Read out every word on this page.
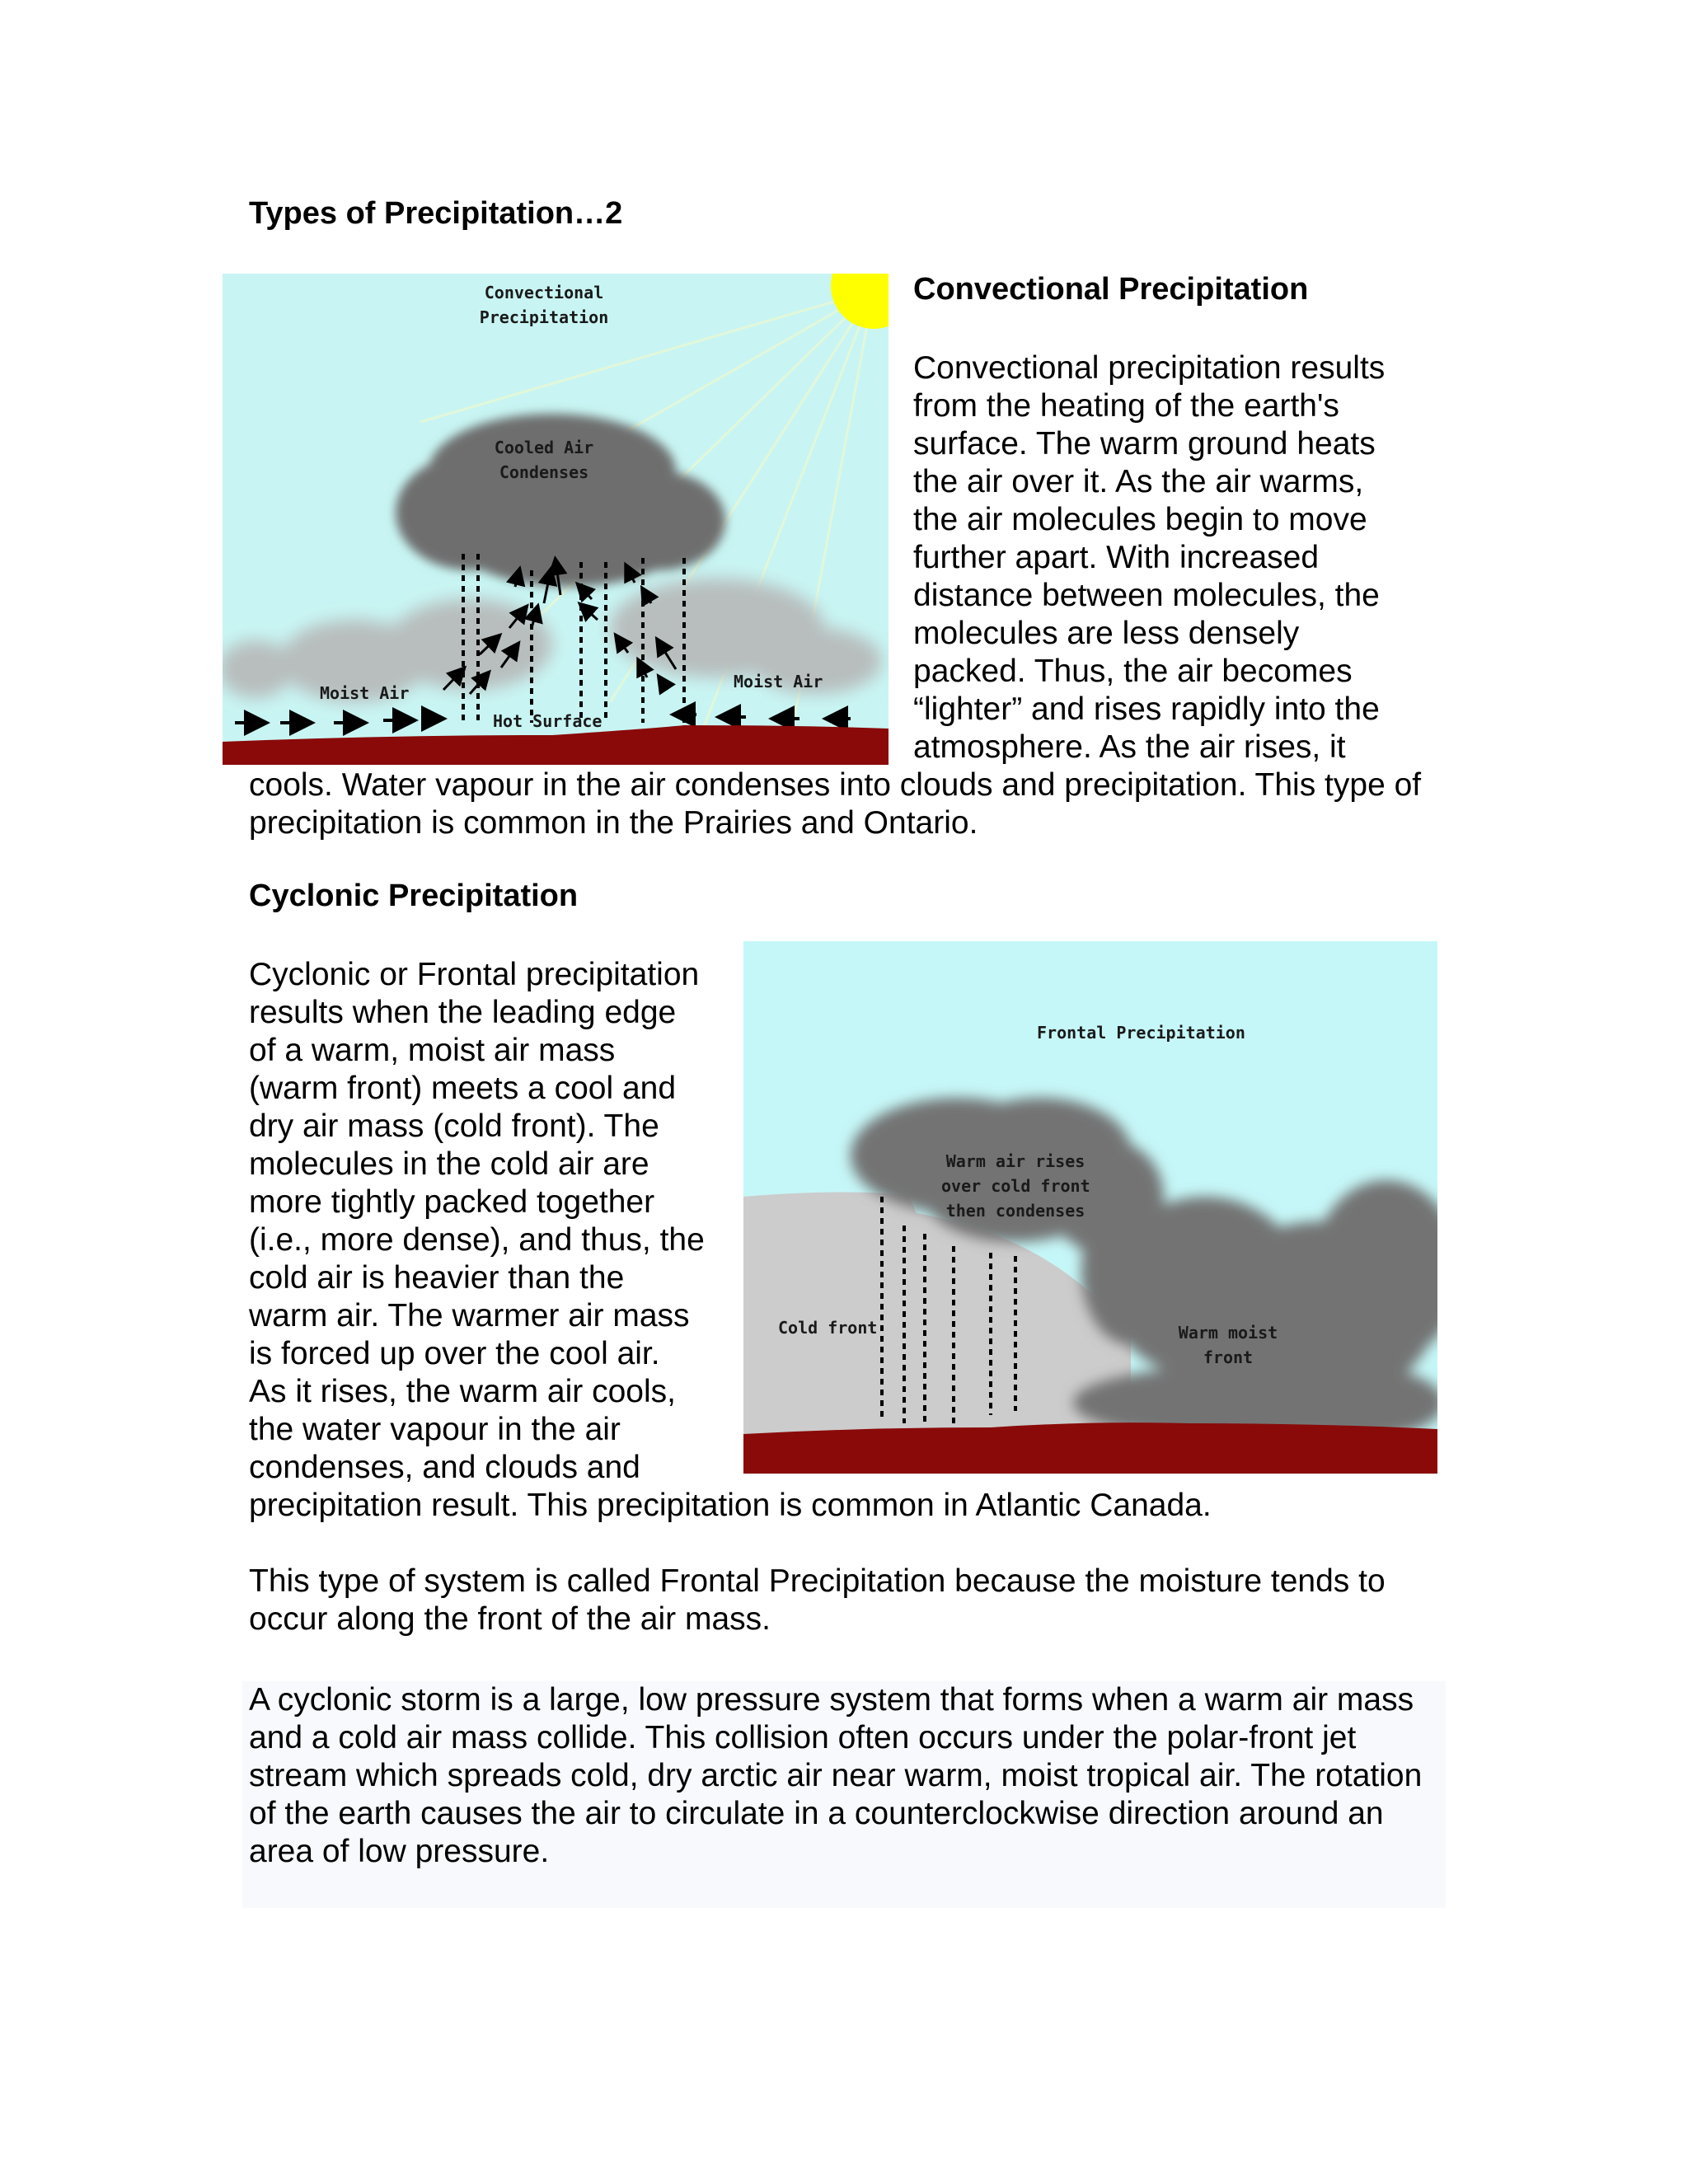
Types of Precipitation…2
Convectional
Precipitation
Cooled Air
Condenses
Moist Air
Moist Air
Hot Surface
Convectional Precipitation

Convectional precipitation results

from the heating of the earth's

surface. The warm ground heats

the air over it. As the air warms,

the air molecules begin to move

further apart. With increased

distance between molecules, the

molecules are less densely

packed. Thus, the air becomes

“lighter” and rises rapidly into the

atmosphere. As the air rises, it

cools. Water vapour in the air condenses into clouds and precipitation. This type of precipitation is common in the Prairies and Ontario.

Cyclonic Precipitation

Cyclonic or Frontal precipitation

results when the leading edge

of a warm, moist air mass

(warm front) meets a cool and

dry air mass (cold front). The

molecules in the cold air are

more tightly packed together

(i.e., more dense), and thus, the

cold air is heavier than the

warm air. The warmer air mass

is forced up over the cool air.

As it rises, the warm air cools,

the water vapour in the air

condenses, and clouds and

precipitation result. This precipitation is common in Atlantic Canada.

Frontal Precipitation
Warm air rises
over cold front
then condenses
Cold front	Warm moist
front

This type of system is called Frontal Precipitation because the moisture tends to occur along the front of the air mass.

A cyclonic storm is a large, low pressure system that forms when a warm air mass and a cold air mass collide. This collision often occurs under the polar-front jet stream which spreads cold, dry arctic air near warm, moist tropical air. The rotation of the earth causes the air to circulate in a counterclockwise direction around an area of low pressure.
